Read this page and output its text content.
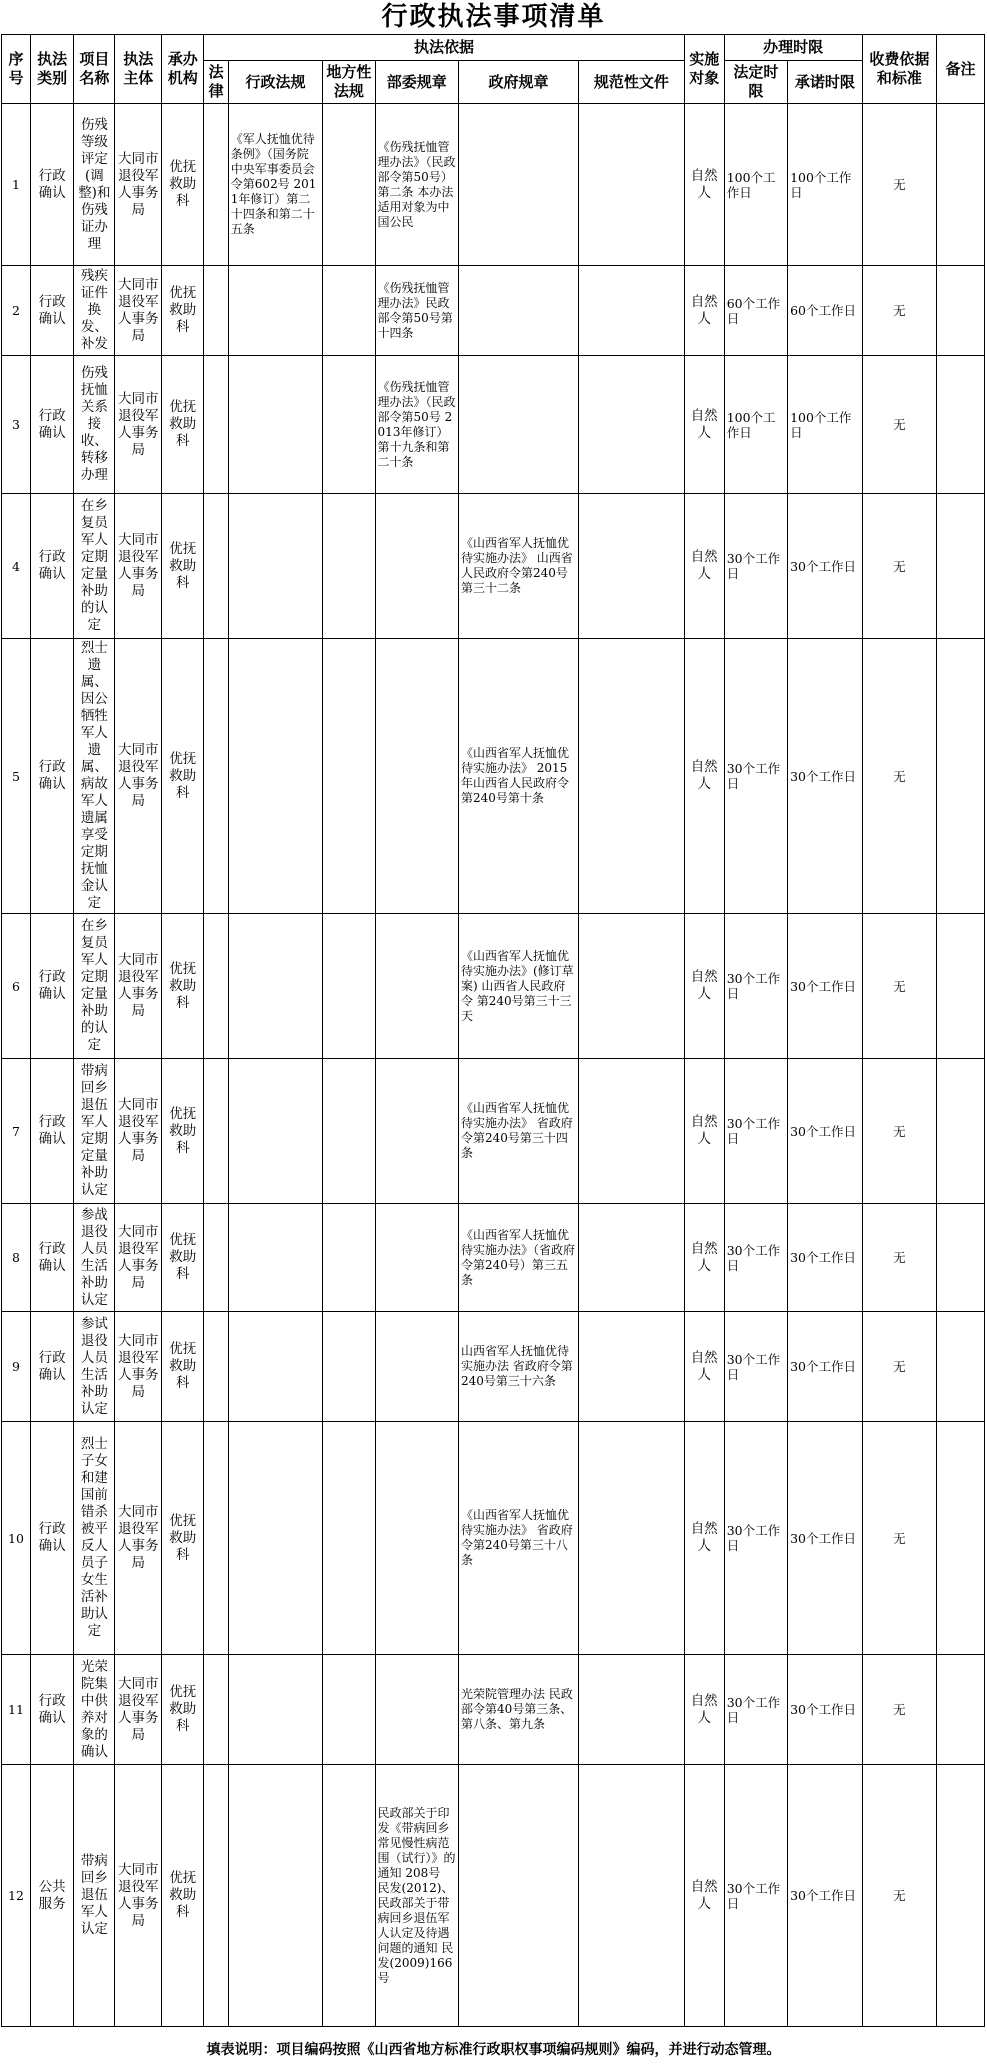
行政执法事项清单
序号	执法类别	项目名称	执法主体	承办机构	执法依据						实施对象	办理时限		收费依据和标准	备注
					法律	行政法规	地方性法规	部委规章	政府规章	规范性文件		法定时限	承诺时限		
1	行政确认	伤残等级评定(调整)和伤残证办理	大同市退役军人事务局	优抚救助科		《军人抚恤优待条例》（国务院 中央军事委员会令第602号 2011年修订）第二十四条和第二十五条		《伤残抚恤管理办法》（民政部令第50号）第二条 本办法适用对象为中国公民			自然人	100个工作日	100个工作日	无	
2	行政确认	残疾证件换发、补发	大同市退役军人事务局	优抚救助科				《伤残抚恤管理办法》民政部令第50号第十四条			自然人	60个工作日	60个工作日	无	
3	行政确认	伤残抚恤关系接收、转移办理	大同市退役军人事务局	优抚救助科				《伤残抚恤管理办法》（民政部令第50号 2013年修订）第十九条和第二十条			自然人	100个工作日	100个工作日	无	
4	行政确认	在乡复员军人定期定量补助的认定	大同市退役军人事务局	优抚救助科					《山西省军人抚恤优待实施办法》 山西省人民政府令第240号第三十二条		自然人	30个工作日	30个工作日	无	
5	行政确认	烈士遗属、因公牺牲军人遗属、病故军人遗属享受定期抚恤金认定	大同市退役军人事务局	优抚救助科					《山西省军人抚恤优待实施办法》 2015年山西省人民政府令第240号第十条		自然人	30个工作日	30个工作日	无	
6	行政确认	在乡复员军人定期定量补助的认定	大同市退役军人事务局	优抚救助科					《山西省军人抚恤优待实施办法》(修订草案) 山西省人民政府令 第240号第三十三天		自然人	30个工作日	30个工作日	无	
7	行政确认	带病回乡退伍军人定期定量补助认定	大同市退役军人事务局	优抚救助科					《山西省军人抚恤优待实施办法》 省政府令第240号第三十四条		自然人	30个工作日	30个工作日	无	
8	行政确认	参战退役人员生活补助认定	大同市退役军人事务局	优抚救助科					《山西省军人抚恤优待实施办法》（省政府令第240号）第三五条		自然人	30个工作日	30个工作日	无	
9	行政确认	参试退役人员生活补助认定	大同市退役军人事务局	优抚救助科					山西省军人抚恤优待实施办法 省政府令第240号第三十六条		自然人	30个工作日	30个工作日	无	
10	行政确认	烈士子女和建国前错杀被平反人员子女生活补助认定	大同市退役军人事务局	优抚救助科					《山西省军人抚恤优待实施办法》 省政府令第240号第三十八条		自然人	30个工作日	30个工作日	无	
11	行政确认	光荣院集中供养对象的确认	大同市退役军人事务局	优抚救助科					光荣院管理办法 民政部令第40号第三条、第八条、第九条		自然人	30个工作日	30个工作日	无	
12	公共服务	带病回乡退伍军人认定	大同市退役军人事务局	优抚救助科				民政部关于印发《带病回乡常见慢性病范围（试行）》的通知 208号 民发(2012)、民政部关于带病回乡退伍军人认定及待遇问题的通知 民发(2009)166号			自然人	30个工作日	30个工作日	无	
填表说明：项目编码按照《山西省地方标准行政职权事项编码规则》编码，并进行动态管理。
